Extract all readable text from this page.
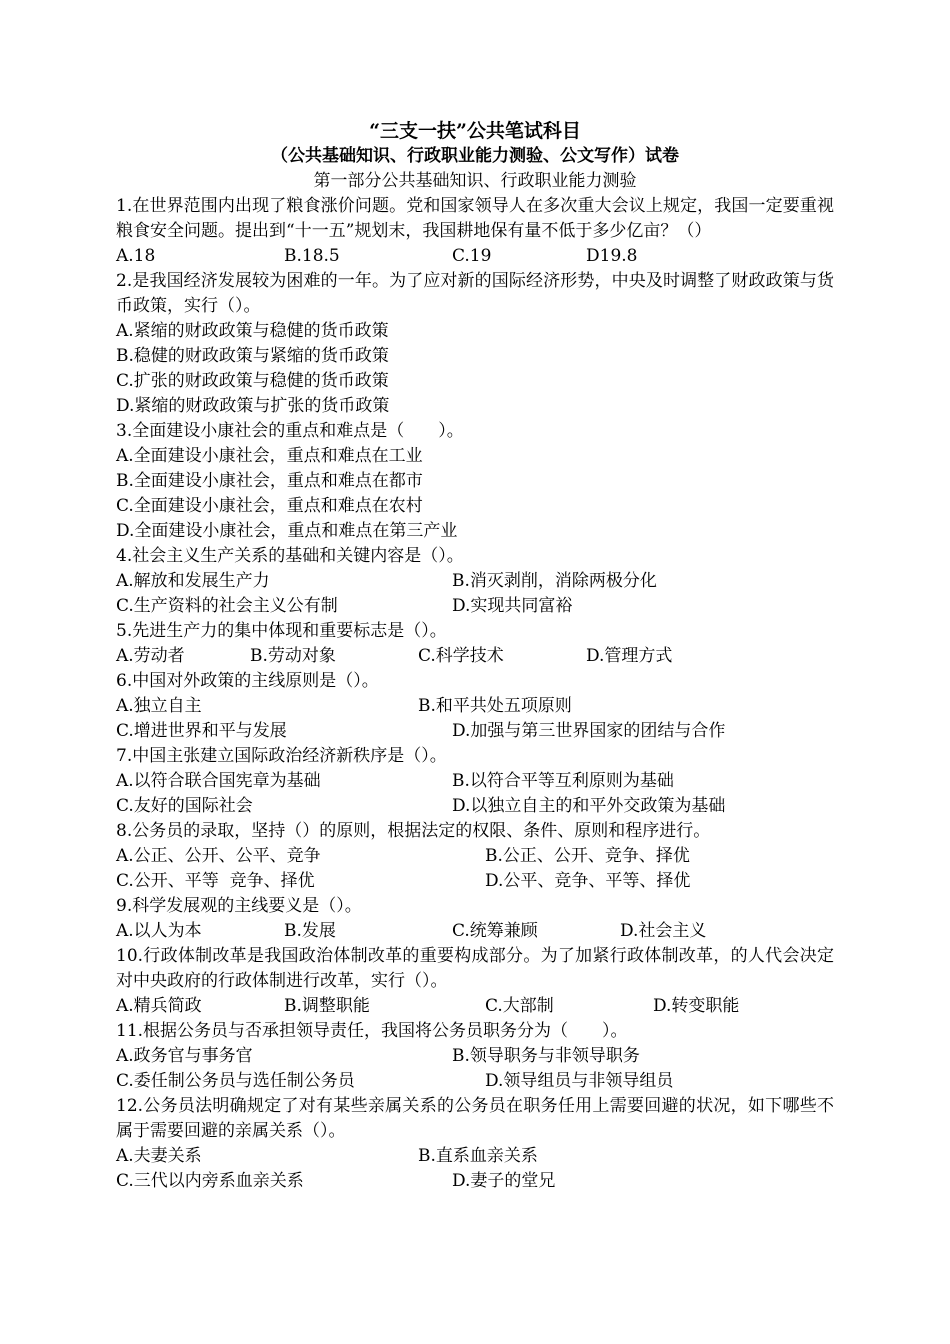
“三支一扶”公共笔试科目
（公共基础知识、行政职业能力测验、公文写作）试卷
第一部分公共基础知识、行政职业能力测验
1.在世界范围内出现了粮食涨价问题。党和国家领导人在多次重大会议上规定，我国一定要重视粮食安全问题。提出到“十一五”规划末，我国耕地保有量不低于多少亿亩？（）
A.18	B.18.5	C.19	D19.8
2.是我国经济发展较为困难的一年。为了应对新的国际经济形势，中央及时调整了财政政策与货币政策，实行（）。
A.紧缩的财政政策与稳健的货币政策
B.稳健的财政政策与紧缩的货币政策
C.扩张的财政政策与稳健的货币政策
D.紧缩的财政政策与扩张的货币政策
3.全面建设小康社会的重点和难点是（　　）。
A.全面建设小康社会，重点和难点在工业
B.全面建设小康社会，重点和难点在都市
C.全面建设小康社会，重点和难点在农村
D.全面建设小康社会，重点和难点在第三产业
4.社会主义生产关系的基础和关键内容是（）。
A.解放和发展生产力	B.消灭剥削，消除两极分化
C.生产资料的社会主义公有制	D.实现共同富裕
5.先进生产力的集中体现和重要标志是（）。
A.劳动者	B.劳动对象	C.科学技术	D.管理方式
6.中国对外政策的主线原则是（）。
A.独立自主	B.和平共处五项原则
C.增进世界和平与发展	D.加强与第三世界国家的团结与合作
7.中国主张建立国际政治经济新秩序是（）。
A.以符合联合国宪章为基础	B.以符合平等互利原则为基础
C.友好的国际社会	D.以独立自主的和平外交政策为基础
8.公务员的录取，坚持（）的原则，根据法定的权限、条件、原则和程序进行。
A.公正、公开、公平、竞争	B.公正、公开、竞争、择优
C.公开、平等  竞争、择优	D.公平、竞争、平等、择优
9.科学发展观的主线要义是（）。
A.以人为本	B.发展	C.统筹兼顾	D.社会主义
10.行政体制改革是我国政治体制改革的重要构成部分。为了加紧行政体制改革，的人代会决定对中央政府的行政体制进行改革，实行（）。
A.精兵简政	B.调整职能	C.大部制	D.转变职能
11.根据公务员与否承担领导责任，我国将公务员职务分为（　　）。
A.政务官与事务官	B.领导职务与非领导职务
C.委任制公务员与选任制公务员	D.领导组员与非领导组员
12.公务员法明确规定了对有某些亲属关系的公务员在职务任用上需要回避的状况，如下哪些不属于需要回避的亲属关系（）。
A.夫妻关系	B.直系血亲关系
C.三代以内旁系血亲关系	D.妻子的堂兄
